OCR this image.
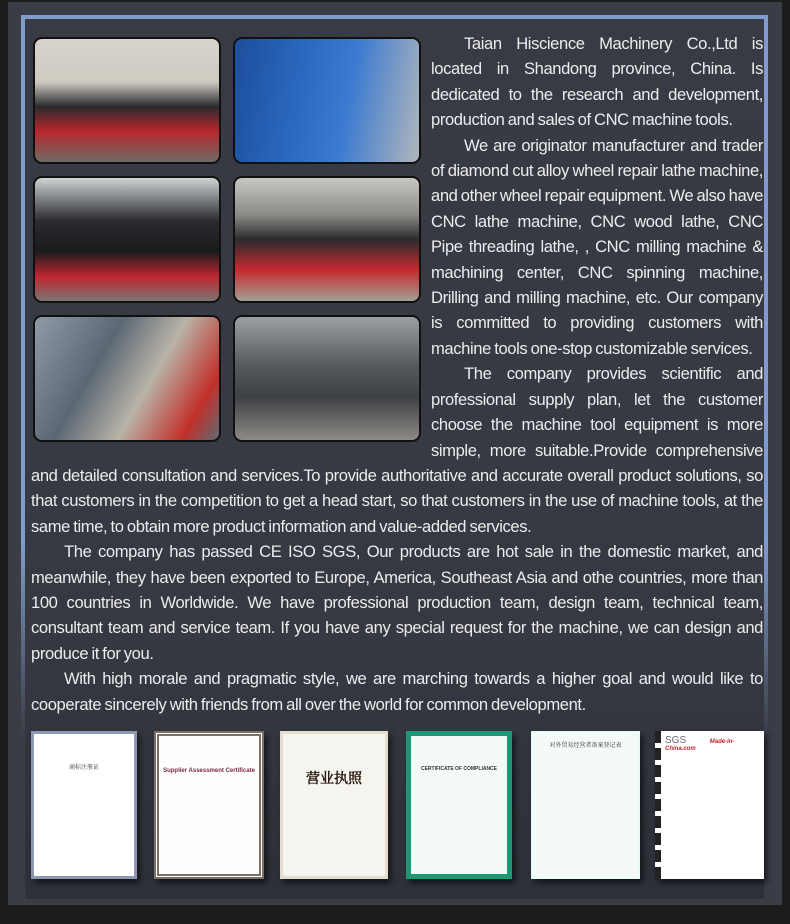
Taian Hiscience Machinery Co.,Ltd is located in Shandong province, China. Is dedicated to the research and development, production and sales of CNC machine tools.

We are originator manufacturer and trader of diamond cut alloy wheel repair lathe machine, and other wheel repair equipment. We also have CNC lathe machine, CNC wood lathe, CNC Pipe threading lathe, , CNC milling machine & machining center, CNC spinning machine, Drilling and milling machine, etc. Our company is committed to providing customers with machine tools one-stop customizable services.

The company provides scientific and professional supply plan, let the customer choose the machine tool equipment is more simple, more suitable.Provide comprehensive and detailed consultation and services.To provide authoritative and accurate overall product solutions, so that customers in the competition to get a head start, so that customers in the use of machine tools, at the same time, to obtain more product information and value-added services.

The company has passed CE ISO SGS, Our products are hot sale in the domestic market, and meanwhile, they have been exported to Europe, America, Southeast Asia and othe countries, more than 100 countries in Worldwide. We have professional production team, design team, technical team, consultant team and service team. If you have any special request for the machine, we can design and produce it for you.

With high morale and pragmatic style, we are marching towards a higher goal and would like to cooperate sincerely with friends from all over the world for common development.

商标注册证	Supplier Assessment Certificate	营业执照
CERTIFICATE OF COMPLIANCE
对外贸易经营者备案登记表	SGS	Made-in-China.com
